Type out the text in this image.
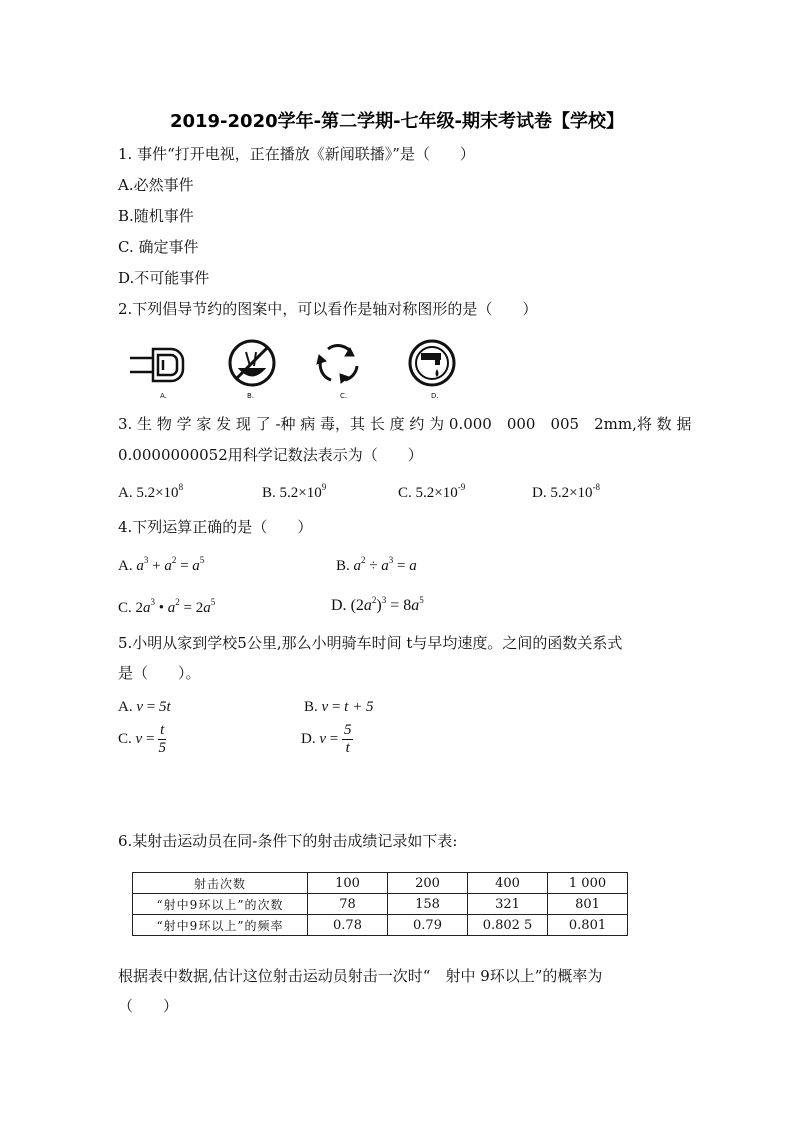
2019-2020学年-第二学期-七年级-期末考试卷【学校】
1. 事件“打开电视，正在播放《新闻联播》”是（　　）
A.必然事件
B.随机事件
C. 确定事件
D.不可能事件
2.下列倡导节约的图案中，可以看作是轴对称图形的是（　　）
A.	B.	C.	D.
3. 生 物 学 家 发 现 了 -种 病 毒，其 长 度 约 为 0.000　000　005　2mm,将 数 据
0.0000000052用科学记数法表示为（　　）
A. $5.2\times 10^8$	B. $5.2\times 10^9$	C. $5.2\times 10^{-9}$	D. $5.2\times 10^{-8}$
4.下列运算正确的是（　　）
A. $a^3 + a^2 = a^5$	B. $a^2 \div a^3 = a$
C. $2a^3$ • $a^2 = 2a^5$	D. $(2a^2)^3 = 8a^5$
5.小明从家到学校5公里,那么小明骑车时间 t与早均速度。之间的函数关系式
是（　　）。
A. v = 5t	B. v = t + 5
C. $v = \frac{t}{5}$	D. $v = \frac{5}{t}$
6.某射击运动员在同-条件下的射击成绩记录如下表:
射击次数	100	200	400	1 000
“射中9环以上”的次数	78	158	321	801
“射中9环以上”的频率	0.78	0.79	0.802 5	0.801
根据表中数据,估计这位射击运动员射击一次时“　射中 9环以上”的概率为
（　　）
